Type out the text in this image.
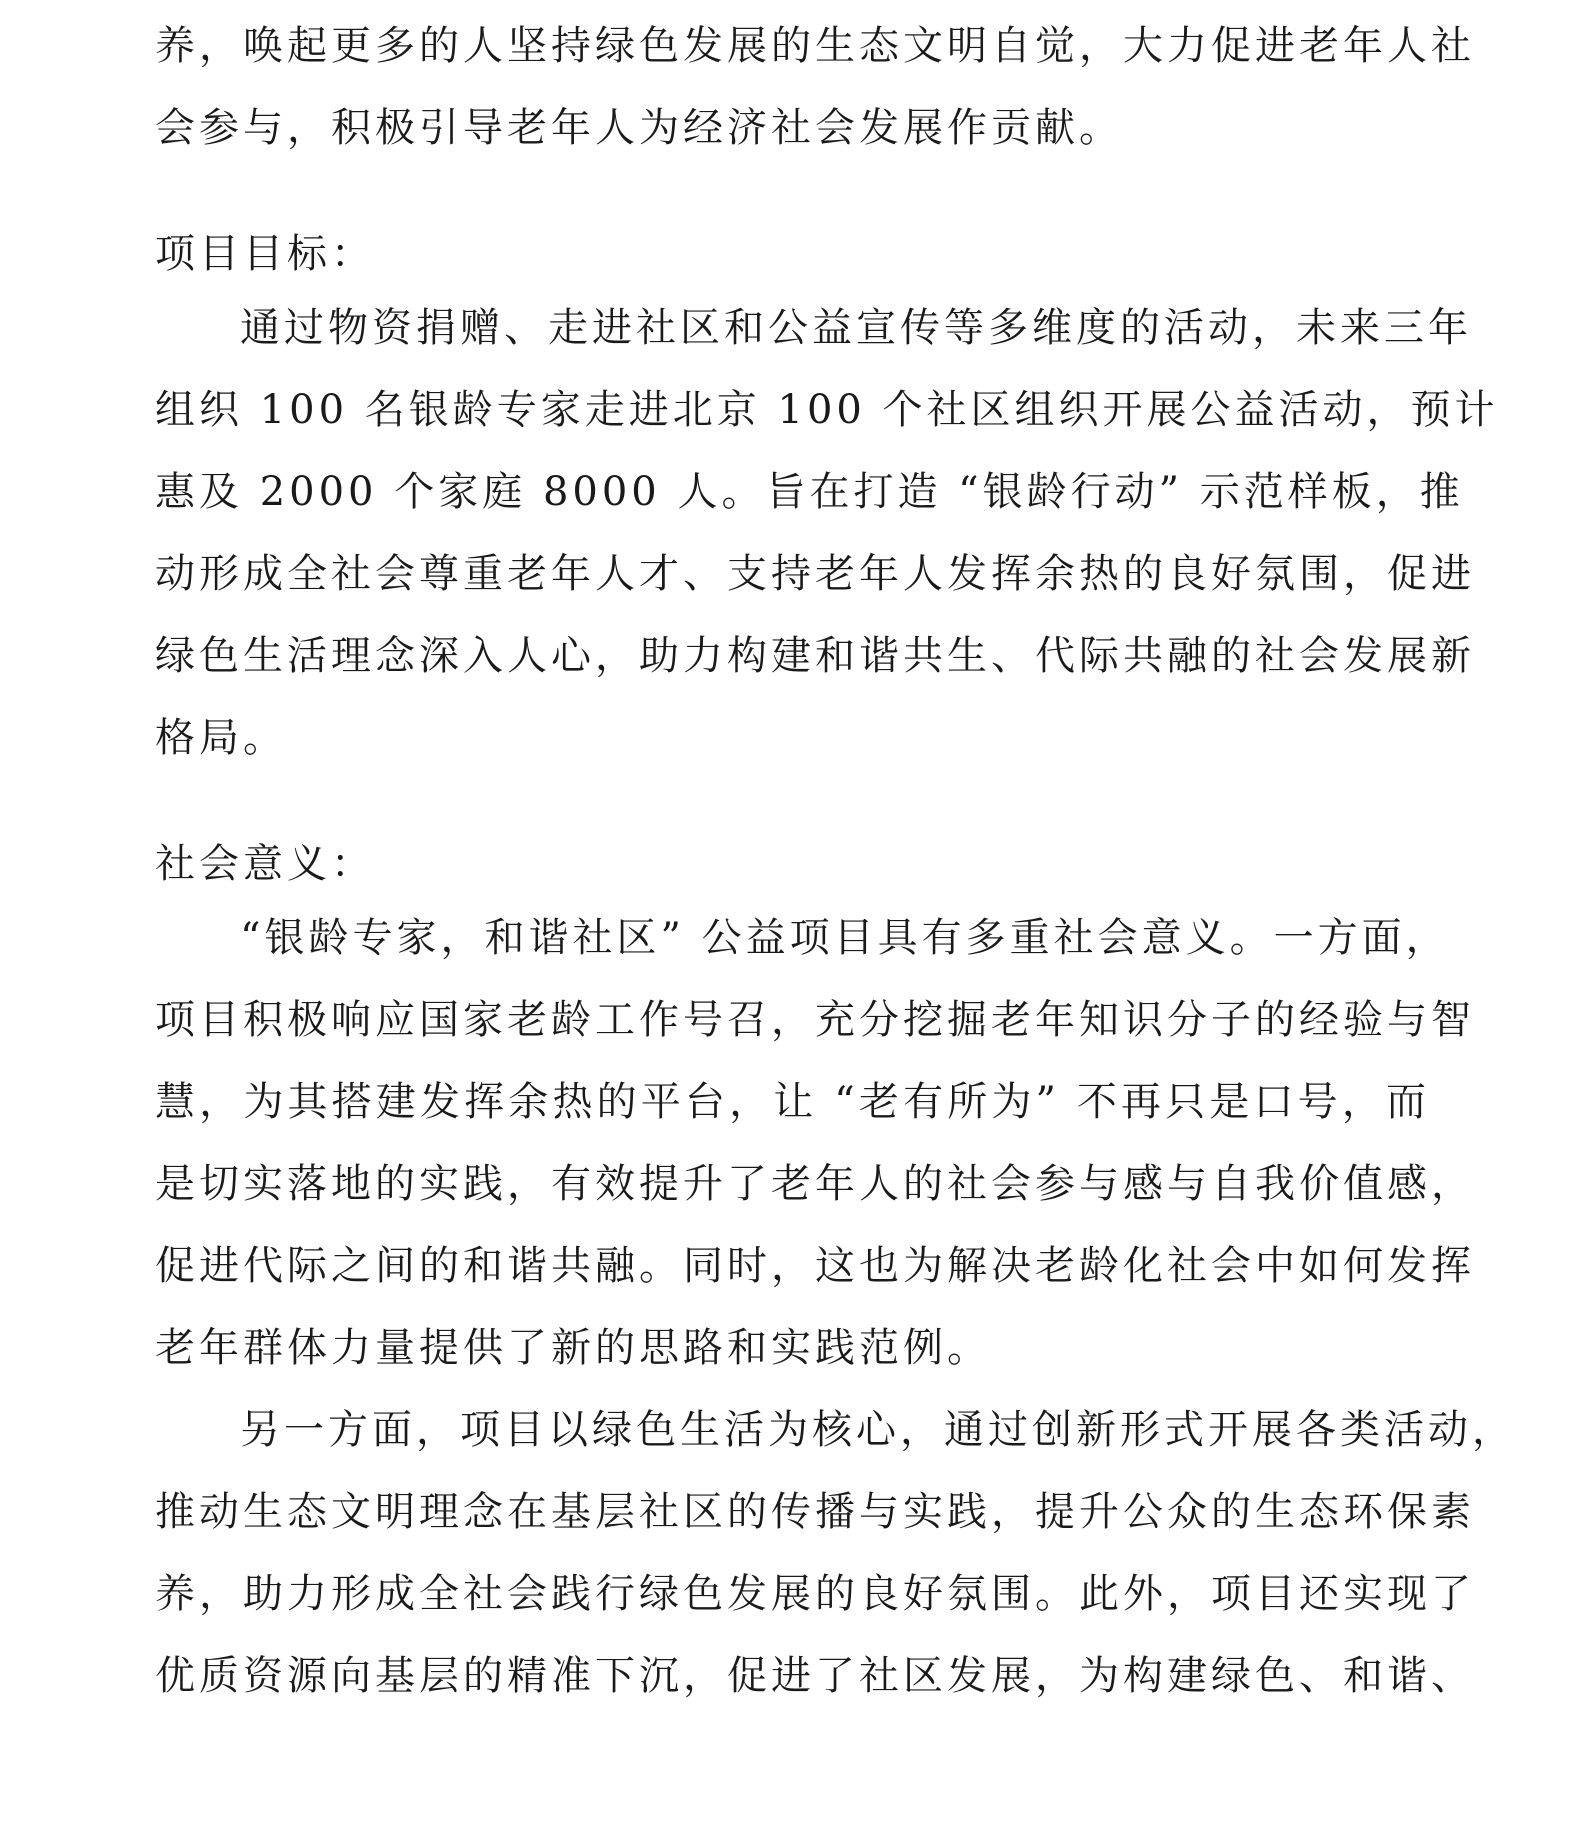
养，唤起更多的人坚持绿色发展的生态文明自觉，大力促进老年人社
会参与，积极引导老年人为经济社会发展作贡献。
项目目标：
通过物资捐赠、走进社区和公益宣传等多维度的活动，未来三年
组织 100 名银龄专家走进北京 100 个社区组织开展公益活动，预计
惠及 2000 个家庭 8000 人。旨在打造 “银龄行动” 示范样板，推
动形成全社会尊重老年人才、支持老年人发挥余热的良好氛围，促进
绿色生活理念深入人心，助力构建和谐共生、代际共融的社会发展新
格局。
社会意义：
“银龄专家，和谐社区” 公益项目具有多重社会意义。一方面，
项目积极响应国家老龄工作号召，充分挖掘老年知识分子的经验与智
慧，为其搭建发挥余热的平台，让 “老有所为” 不再只是口号，而
是切实落地的实践，有效提升了老年人的社会参与感与自我价值感，
促进代际之间的和谐共融。同时，这也为解决老龄化社会中如何发挥
老年群体力量提供了新的思路和实践范例。
另一方面，项目以绿色生活为核心，通过创新形式开展各类活动，
推动生态文明理念在基层社区的传播与实践，提升公众的生态环保素
养，助力形成全社会践行绿色发展的良好氛围。此外，项目还实现了
优质资源向基层的精准下沉，促进了社区发展，为构建绿色、和谐、
